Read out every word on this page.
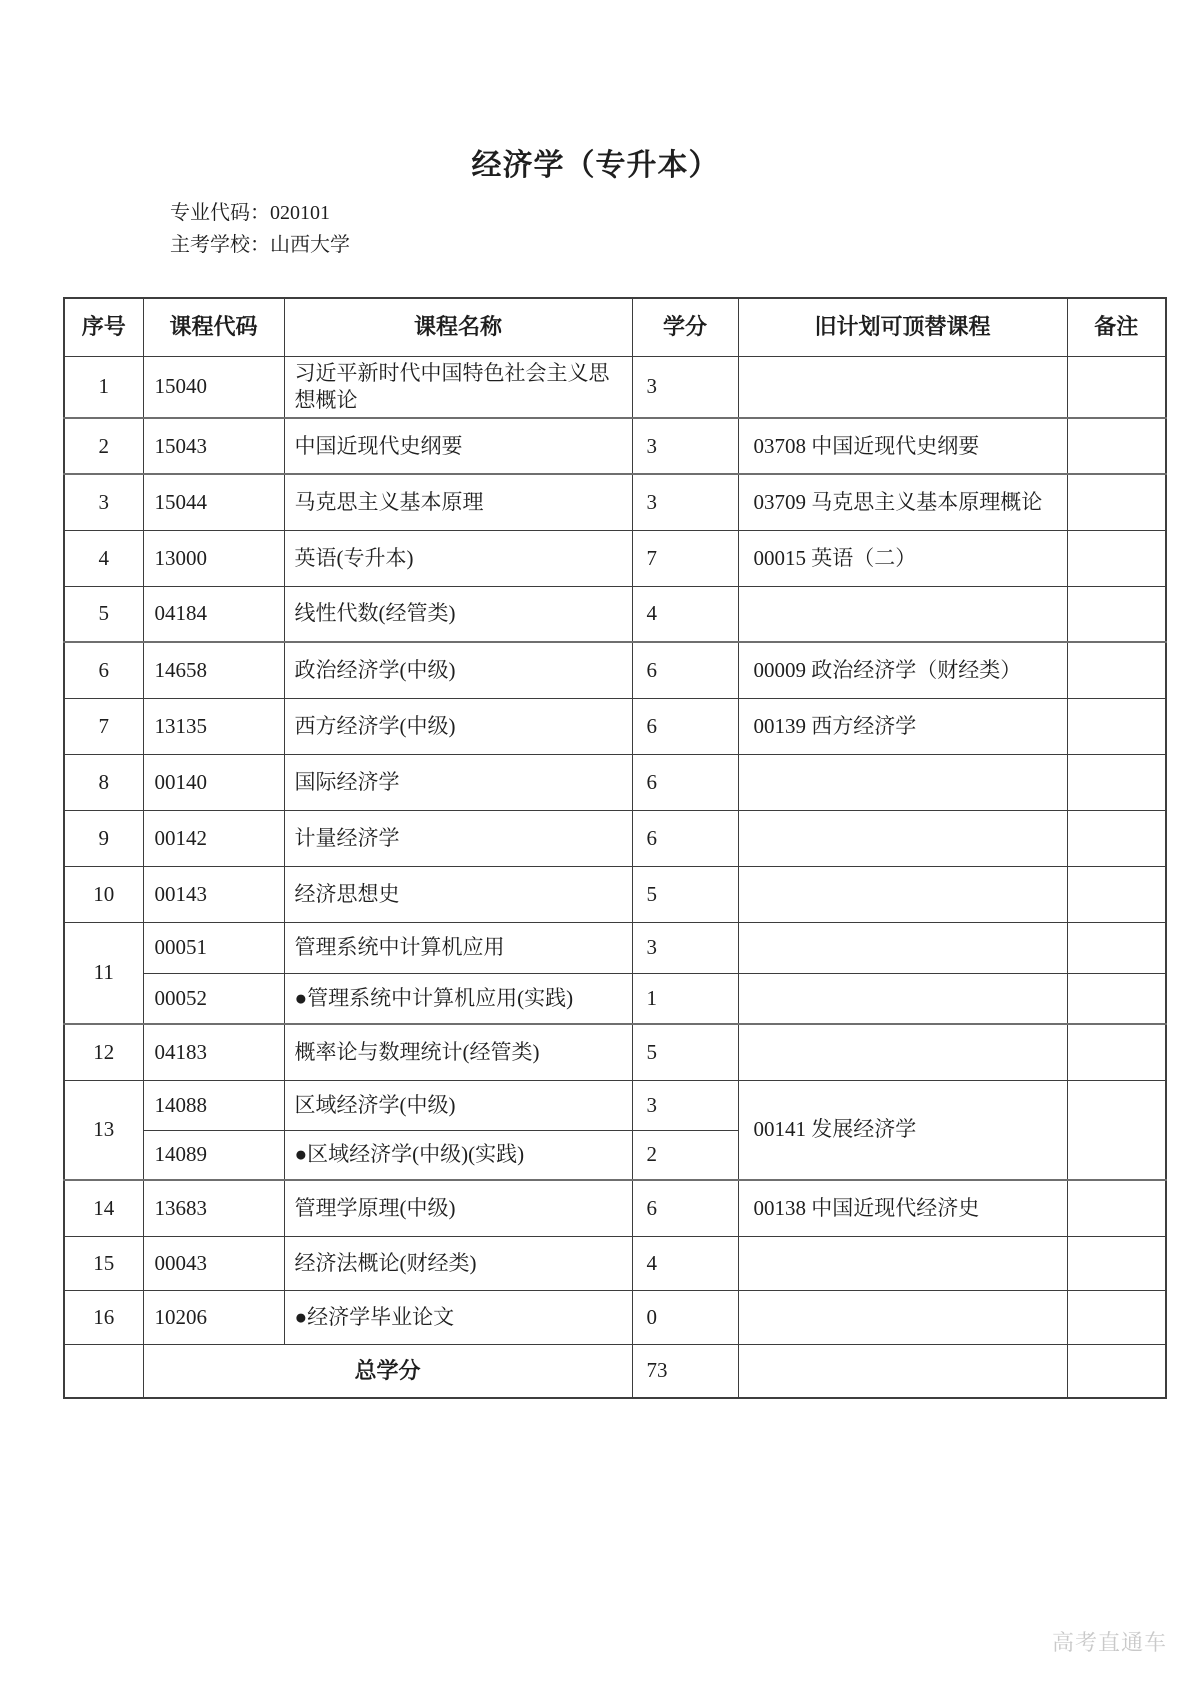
经济学（专升本）
专业代码：020101
主考学校：山西大学
序号	课程代码	课程名称	学分	旧计划可顶替课程	备注
1	15040	习近平新时代中国特色社会主义思想概论	3		
2	15043	中国近现代史纲要	3	03708 中国近现代史纲要	
3	15044	马克思主义基本原理	3	03709 马克思主义基本原理概论	
4	13000	英语(专升本)	7	00015 英语（二）	
5	04184	线性代数(经管类)	4		
6	14658	政治经济学(中级)	6	00009 政治经济学（财经类）	
7	13135	西方经济学(中级)	6	00139 西方经济学	
8	00140	国际经济学	6		
9	00142	计量经济学	6		
10	00143	经济思想史	5		
11	00051	管理系统中计算机应用	3		
	00052	●管理系统中计算机应用(实践)	1		
12	04183	概率论与数理统计(经管类)	5		
13	14088	区域经济学(中级)	3	00141 发展经济学	
	14089	●区域经济学(中级)(实践)	2		
14	13683	管理学原理(中级)	6	00138 中国近现代经济史	
15	00043	经济法概论(财经类)	4		
16	10206	●经济学毕业论文	0		
	总学分		73		
高考直通车
